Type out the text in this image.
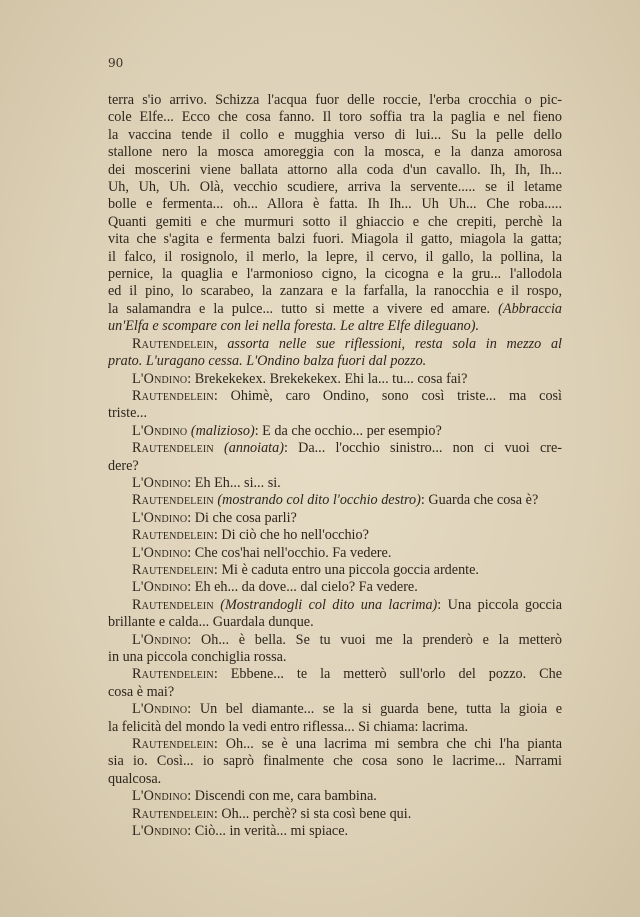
90

terra s'io arrivo. Schizza l'acqua fuor delle roccie, l'erba crocchia o pic-
cole Elfe... Ecco che cosa fanno. Il toro soffia tra la paglia e nel fieno
la vaccina tende il collo e mugghia verso di lui... Su la pelle dello
stallone nero la mosca amoreggia con la mosca, e la danza amorosa
dei moscerini viene ballata attorno alla coda d'un cavallo. Ih, Ih, Ih...
Uh, Uh, Uh. Olà, vecchio scudiere, arriva la servente..... se il letame
bolle e fermenta... oh... Allora è fatta. Ih Ih... Uh Uh... Che roba.....
Quanti gemiti e che murmuri sotto il ghiaccio e che crepiti, perchè la
vita che s'agita e fermenta balzi fuori. Miagola il gatto, miagola la gatta;
il falco, il rosignolo, il merlo, la lepre, il cervo, il gallo, la pollina, la
pernice, la quaglia e l'armonioso cigno, la cicogna e la gru... l'allodola
ed il pino, lo scarabeo, la zanzara e la farfalla, la ranocchia e il rospo,
la salamandra e la pulce... tutto si mette a vivere ed amare. (Abbraccia
un'Elfa e scompare con lei nella foresta. Le altre Elfe dileguano).
Rautendelein, assorta nelle sue riflessioni, resta sola in mezzo al
prato. L'uragano cessa. L'Ondino balza fuori dal pozzo.
L'Ondino: Brekekekex. Brekekekex. Ehi la... tu... cosa fai?
Rautendelein: Ohimè, caro Ondino, sono così triste... ma così
triste...
L'Ondino (malizioso): E da che occhio... per esempio?
Rautendelein (annoiata): Da... l'occhio sinistro... non ci vuoi cre-
dere?
L'Ondino: Eh Eh... si... si.
Rautendelein (mostrando col dito l'occhio destro): Guarda che cosa è?
L'Ondino: Di che cosa parli?
Rautendelein: Di ciò che ho nell'occhio?
L'Ondino: Che cos'hai nell'occhio. Fa vedere.
Rautendelein: Mi è caduta entro una piccola goccia ardente.
L'Ondino: Eh eh... da dove... dal cielo? Fa vedere.
Rautendelein (Mostrandogli col dito una lacrima): Una piccola goccia
brillante e calda... Guardala dunque.
L'Ondino: Oh... è bella. Se tu vuoi me la prenderò e la metterò
in una piccola conchiglia rossa.
Rautendelein: Ebbene... te la metterò sull'orlo del pozzo. Che
cosa è mai?
L'Ondino: Un bel diamante... se la si guarda bene, tutta la gioia e
la felicità del mondo la vedi entro riflessa... Si chiama: lacrima.
Rautendelein: Oh... se è una lacrima mi sembra che chi l'ha pianta
sia io. Così... io saprò finalmente che cosa sono le lacrime... Narrami
qualcosa.
L'Ondino: Discendi con me, cara bambina.
Rautendelein: Oh... perchè? si sta così bene qui.
L'Ondino: Ciò... in verità... mi spiace.
